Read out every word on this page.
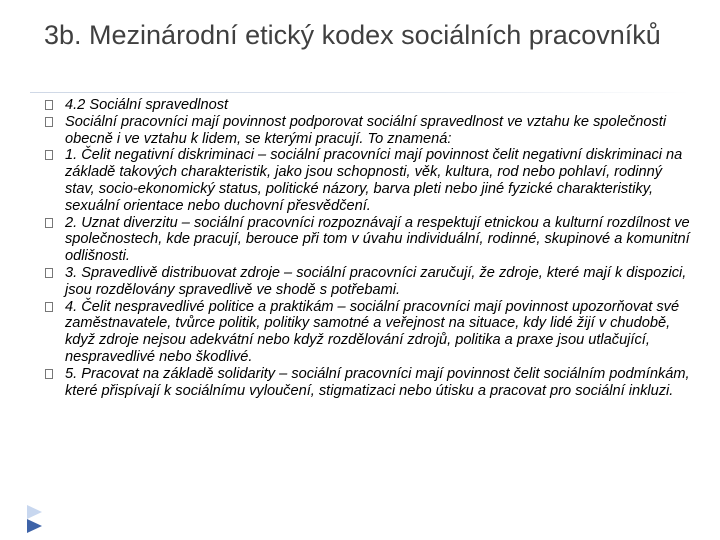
3b. Mezinárodní etický kodex sociálních pracovníků
4.2 Sociální spravedlnost
Sociální pracovníci mají povinnost podporovat sociální spravedlnost ve vztahu ke společnosti obecně i ve vztahu k lidem, se kterými pracují. To znamená:
1. Čelit negativní diskriminaci – sociální pracovníci mají povinnost čelit negativní diskriminaci na základě takových charakteristik, jako jsou schopnosti, věk, kultura, rod nebo pohlaví, rodinný stav, socio-ekonomický status, politické názory, barva pleti nebo jiné fyzické charakteristiky, sexuální orientace nebo duchovní přesvědčení.
2. Uznat diverzitu – sociální pracovníci rozpoznávají a respektují etnickou a kulturní rozdílnost ve společnostech, kde pracují, berouce při tom v úvahu individuální, rodinné, skupinové a komunitní odlišnosti.
3. Spravedlivě distribuovat zdroje – sociální pracovníci zaručují, že zdroje, které mají k dispozici, jsou rozdělovány spravedlivě ve shodě s potřebami.
4. Čelit nespravedlivé politice a praktikám – sociální pracovníci mají povinnost upozorňovat své zaměstnavatele, tvůrce politik, politiky samotné a veřejnost na situace, kdy lidé žijí v chudobě, když zdroje nejsou adekvátní nebo když rozdělování zdrojů, politika a praxe jsou utlačující, nespravedlivé nebo škodlivé.
5. Pracovat na základě solidarity – sociální pracovníci mají povinnost čelit sociálním podmínkám, které přispívají k sociálnímu vyloučení, stigmatizaci nebo útisku a pracovat pro sociální inkluzi.
